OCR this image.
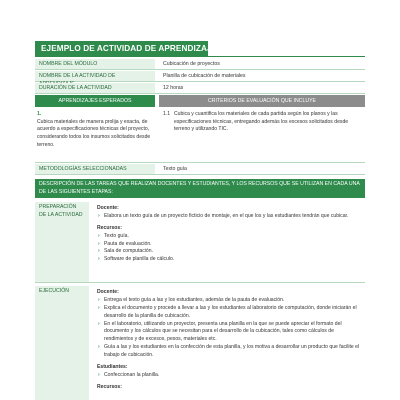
EJEMPLO DE ACTIVIDAD DE APRENDIZAJE
NOMBRE DEL MÓDULO	Cubicación de proyectos
NOMBRE DE LA ACTIVIDAD DE	Planilla de cubicación de materiales
DURACIÓN DE LA ACTIVIDAD	12 horas
APRENDIZAJES ESPERADOS	CRITERIOS DE EVALUACIÓN QUE INCLUYE
1.
Cubica materiales de manera prolija y exacta, de acuerdo a especificaciones técnicas del proyecto, considerando todos los insumos solicitados desde terreno.
1.1 Cubica y cuantifica los materiales de cada partida según los planos y las especificaciones técnicas, entregando además los excesos solicitados desde terreno y utilizando TIC.
METODOLOGÍAS SELECCIONADAS	Texto guía
DESCRIPCIÓN DE LAS TAREAS QUE REALIZAN DOCENTES Y ESTUDIANTES, Y LOS RECURSOS QUE SE UTILIZAN EN CADA UNA DE LAS SIGUIENTES ETAPAS:
PREPARACIÓN DE LA ACTIVIDAD
Docente:
› Elabora un texto guía de un proyecto ficticio de montaje, en el que los y las estudiantes tendrán que cubicar.
Recursos:
› Texto guía.
› Pauta de evaluación.
› Sala de computación.
› Software de planilla de cálculo.
EJECUCIÓN	Docente:
› Entrega el texto guía a las y los estudiantes, además de la pauta de evaluación.
› Explica el documento y procede a llevar a las y los estudiantes al laboratorio de computación, donde iniciarán el desarrollo de la planilla de cubicación.
› En el laboratorio, utilizando un proyector, presenta una planilla en la que se puede apreciar el formato del documento y los cálculos que se necesitan para el desarrollo de la cubicación, tales como cálculos de rendimientos y de excesos, pesos, materiales etc.
› Guía a las y los estudiantes en la confección de esta planilla, y los motiva a desarrollar un producto que facilite el trabajo de cubicación.
Estudiantes:
› Confeccionan la planilla.
Recursos:
